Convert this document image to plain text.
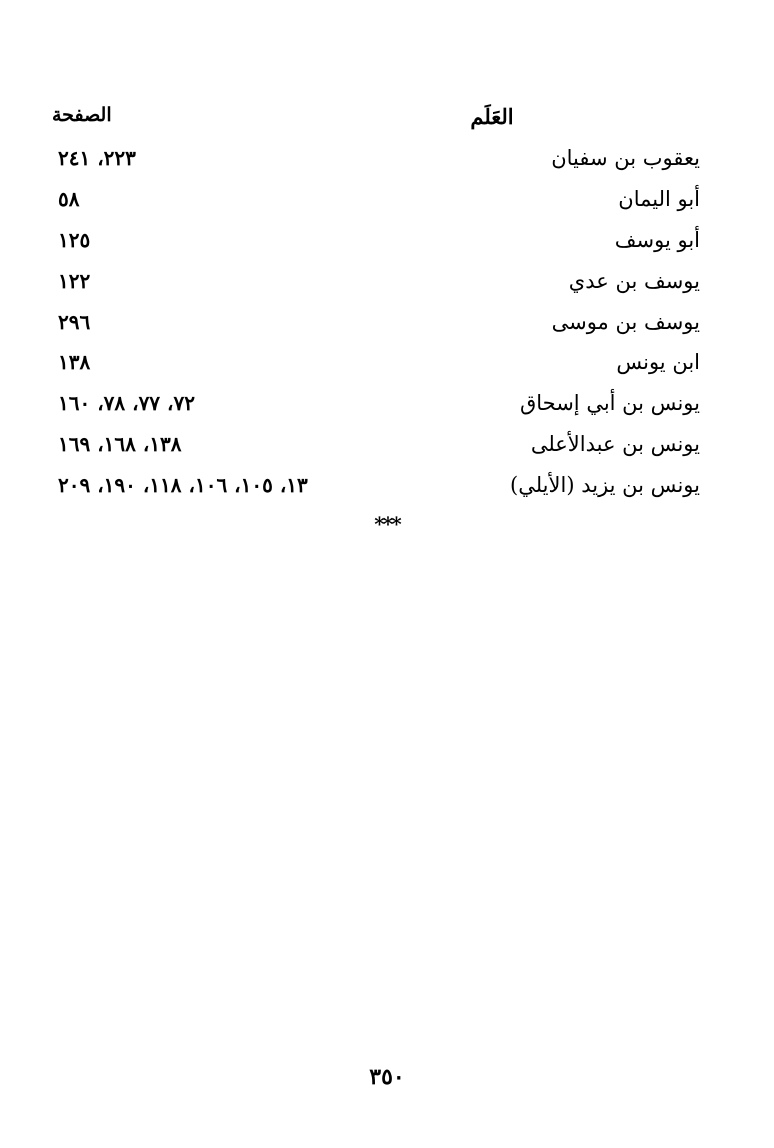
العَلَم
الصفحة
يعقوب بن سفيان
٢٢٣، ٢٤١
أبو اليمان
٥٨
أبو يوسف
١٢٥
يوسف بن عدي
١٢٢
يوسف بن موسى
٢٩٦
ابن يونس
١٣٨
يونس بن أبي إسحاق
٧٢، ٧٧، ٧٨، ١٦٠
يونس بن عبدالأعلى
١٣٨، ١٦٨، ١٦٩
يونس بن يزيد (الأيلي)
١٣، ١٠٥، ١٠٦، ١١٨، ١٩٠، ٢٠٩
***
٣٥٠
